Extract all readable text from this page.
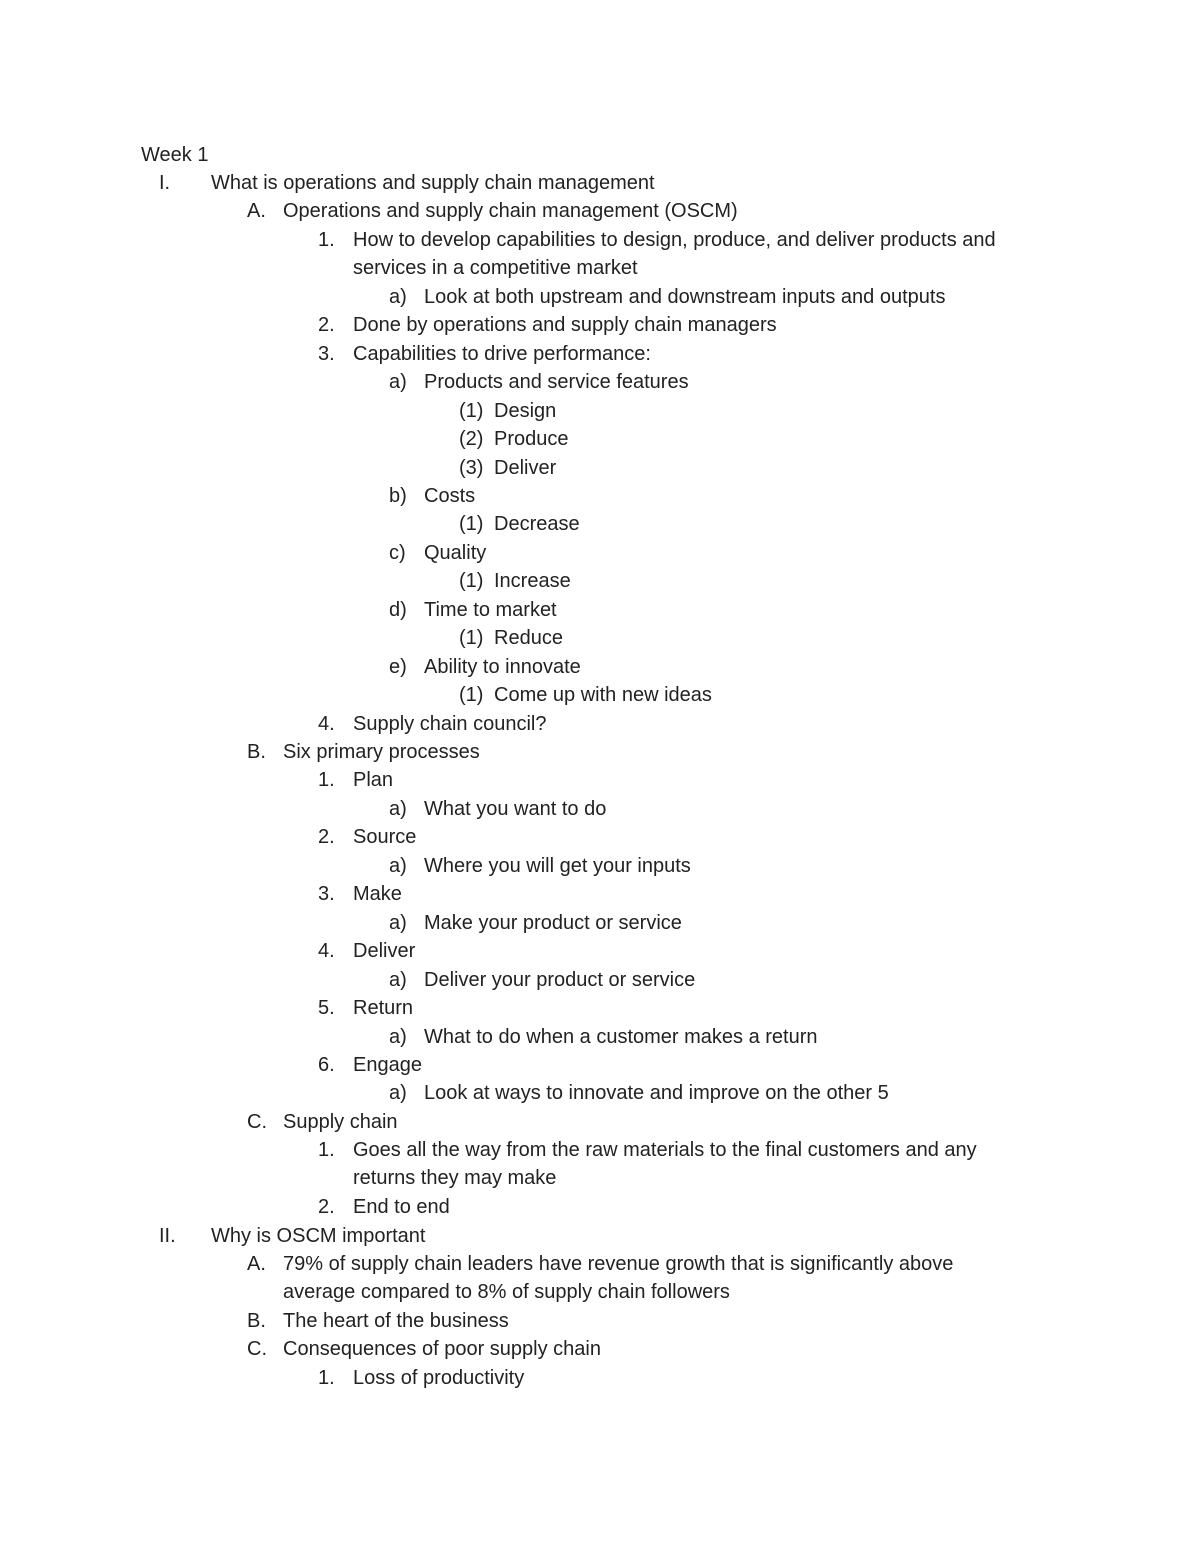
Week 1
I. What is operations and supply chain management
A. Operations and supply chain management (OSCM)
1. How to develop capabilities to design, produce, and deliver products and
services in a competitive market
a) Look at both upstream and downstream inputs and outputs
2. Done by operations and supply chain managers
3. Capabilities to drive performance:
a) Products and service features
(1) Design
(2) Produce
(3) Deliver
b) Costs
(1) Decrease
c) Quality
(1) Increase
d) Time to market
(1) Reduce
e) Ability to innovate
(1) Come up with new ideas
4. Supply chain council?
B. Six primary processes
1. Plan
a) What you want to do
2. Source
a) Where you will get your inputs
3. Make
a) Make your product or service
4. Deliver
a) Deliver your product or service
5. Return
a) What to do when a customer makes a return
6. Engage
a) Look at ways to innovate and improve on the other 5
C. Supply chain
1. Goes all the way from the raw materials to the final customers and any
returns they may make
2. End to end
II. Why is OSCM important
A. 79% of supply chain leaders have revenue growth that is significantly above
average compared to 8% of supply chain followers
B. The heart of the business
C. Consequences of poor supply chain
1. Loss of productivity
